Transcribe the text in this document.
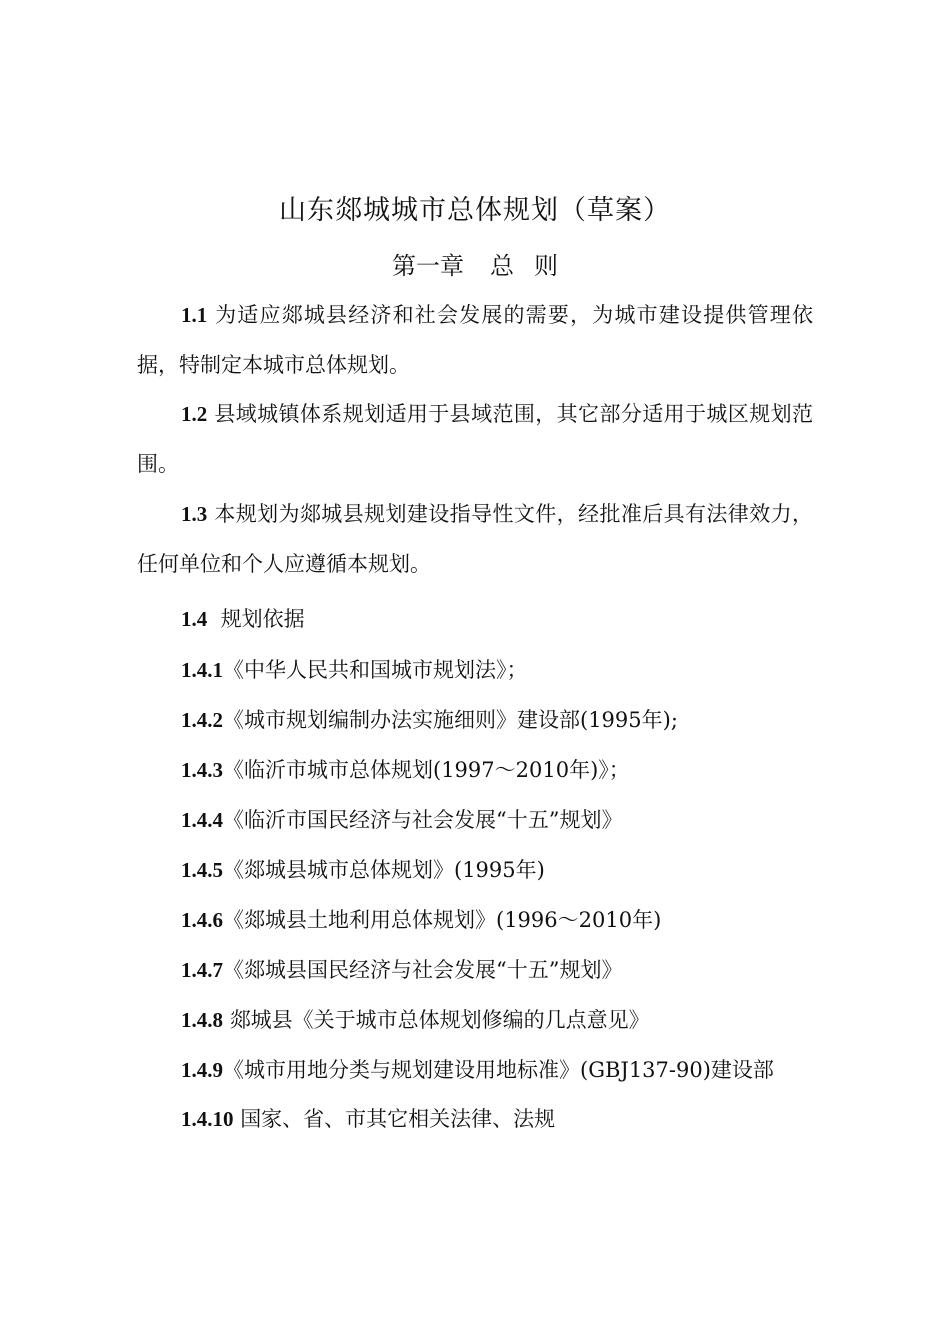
山东郯城城市总体规划（草案）
第一章 总 则
1.1 为适应郯城县经济和社会发展的需要，为城市建设提供管理依据，特制定本城市总体规划。
1.2 县域城镇体系规划适用于县域范围，其它部分适用于城区规划范围。
1.3 本规划为郯城县规划建设指导性文件，经批准后具有法律效力，任何单位和个人应遵循本规划。
1.4 规划依据
1.4.1《中华人民共和国城市规划法》；
1.4.2《城市规划编制办法实施细则》建设部(1995年);
1.4.3《临沂市城市总体规划(1997～2010年)》；
1.4.4《临沂市国民经济与社会发展“十五”规划》
1.4.5《郯城县城市总体规划》(1995年)
1.4.6《郯城县土地利用总体规划》(1996～2010年)
1.4.7《郯城县国民经济与社会发展“十五”规划》
1.4.8 郯城县《关于城市总体规划修编的几点意见》
1.4.9《城市用地分类与规划建设用地标准》(GBJ137-90)建设部
1.4.10 国家、省、市其它相关法律、法规
